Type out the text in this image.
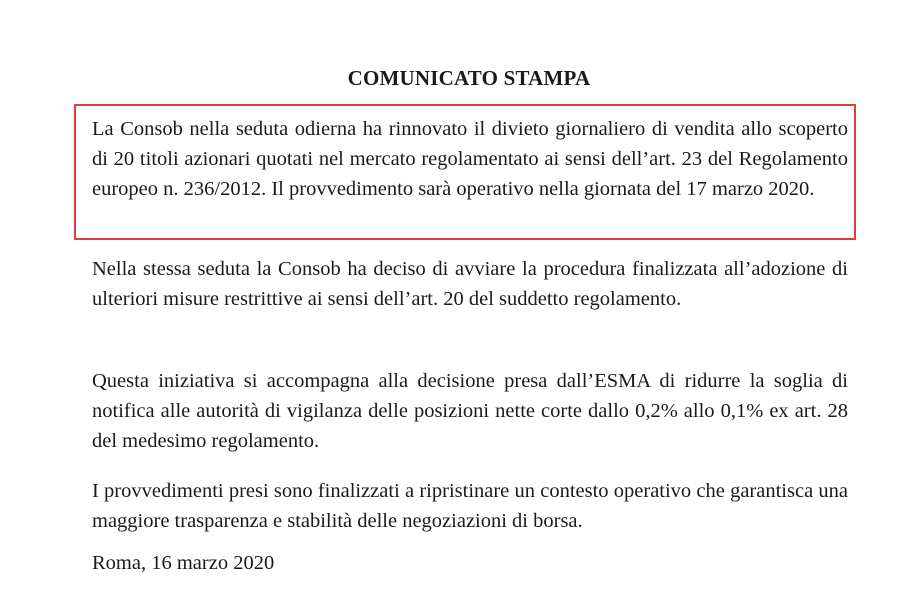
COMUNICATO STAMPA

La Consob nella seduta odierna ha rinnovato il divieto giornaliero di vendita allo scoperto di 20 titoli azionari quotati nel mercato regolamentato ai sensi dell’art. 23 del Regolamento europeo n. 236/2012. Il provvedimento sarà operativo nella giornata del 17 marzo 2020.

Nella stessa seduta la Consob ha deciso di avviare la procedura finalizzata all’adozione di ulteriori misure restrittive ai sensi dell’art. 20 del suddetto regolamento.

Questa iniziativa si accompagna alla decisione presa dall’ESMA di ridurre la soglia di notifica alle autorità di vigilanza delle posizioni nette corte dallo 0,2% allo 0,1% ex art. 28 del medesimo regolamento.

I provvedimenti presi sono finalizzati a ripristinare un contesto operativo che garantisca una maggiore trasparenza e stabilità delle negoziazioni di borsa.

Roma, 16 marzo 2020
